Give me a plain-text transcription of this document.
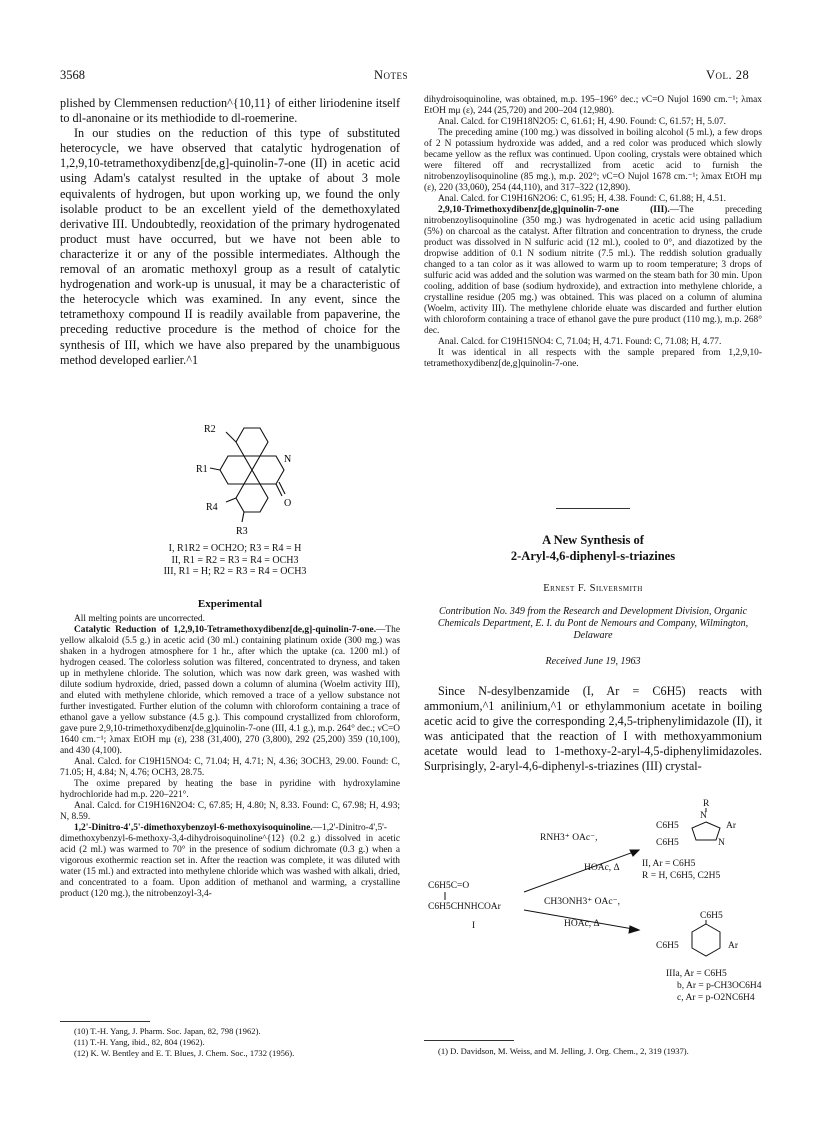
3568	Notes	Vol. 28

plished by Clemmensen reduction^{10,11} of either liriodenine itself to dl-anonaine or its methiodide to dl-roemerine.

In our studies on the reduction of this type of substituted heterocycle, we have observed that catalytic hydrogenation of 1,2,9,10-tetramethoxydibenz[de,g]-quinolin-7-one (II) in acetic acid using Adam's catalyst resulted in the uptake of about 3 mole equivalents of hydrogen, but upon working up, we found the only isolable product to be an excellent yield of the demethoxylated derivative III. Undoubtedly, reoxidation of the primary hydrogenated product must have occurred, but we have not been able to characterize it or any of the possible intermediates. Although the removal of an aromatic methoxyl group as a result of catalytic hydrogenation and work-up is unusual, it may be a characteristic of the heterocycle which was examined. In any event, since the tetramethoxy compound II is readily available from papaverine, the preceding reductive procedure is the method of choice for the synthesis of III, which we have also prepared by the unambiguous method developed earlier.^1

R2
R1
N
O
R4
R3
I, R1R2 = OCH2O; R3 = R4 = H
II, R1 = R2 = R3 = R4 = OCH3
III, R1 = H; R2 = R3 = R4 = OCH3
Experimental

All melting points are uncorrected.

Catalytic Reduction of 1,2,9,10-Tetramethoxydibenz[de,g]-quinolin-7-one.—The yellow alkaloid (5.5 g.) in acetic acid (30 ml.) containing platinum oxide (300 mg.) was shaken in a hydrogen atmosphere for 1 hr., after which the uptake (ca. 1200 ml.) of hydrogen ceased. The colorless solution was filtered, concentrated to dryness, and taken up in methylene chloride. The solution, which was now dark green, was washed with dilute sodium hydroxide, dried, passed down a column of alumina (Woelm activity III), and eluted with methylene chloride, which removed a trace of a yellow substance not further investigated. Further elution of the column with chloroform containing a trace of ethanol gave a yellow substance (4.5 g.). This compound crystallized from chloroform, gave pure 2,9,10-trimethoxydibenz[de,g]quinolin-7-one (III, 4.1 g.), m.p. 264° dec.; νC=O 1640 cm.⁻¹; λmax EtOH mμ (ε), 238 (31,400), 270 (3,800), 292 (25,200) 359 (10,100), and 430 (4,100).

Anal. Calcd. for C19H15NO4: C, 71.04; H, 4.71; N, 4.36; 3OCH3, 29.00. Found: C, 71.05; H, 4.84; N, 4.76; OCH3, 28.75.

The oxime prepared by heating the base in pyridine with hydroxylamine hydrochloride had m.p. 220–221°.

Anal. Calcd. for C19H16N2O4: C, 67.85; H, 4.80; N, 8.33. Found: C, 67.98; H, 4.93; N, 8.59.

1,2'-Dinitro-4',5'-dimethoxybenzoyl-6-methoxyisoquinoline.—1,2'-Dinitro-4',5'-dimethoxybenzyl-6-methoxy-3,4-dihydroisoquinoline^{12} (0.2 g.) dissolved in acetic acid (2 ml.) was warmed to 70° in the presence of sodium dichromate (0.3 g.) when a vigorous exothermic reaction set in. After the reaction was complete, it was diluted with water (15 ml.) and extracted into methylene chloride which was washed with alkali, dried, and concentrated to a foam. Upon addition of methanol and warming, a crystalline product (120 mg.), the nitrobenzoyl-3,4-

(10) T.-H. Yang, J. Pharm. Soc. Japan, 82, 798 (1962).

(11) T.-H. Yang, ibid., 82, 804 (1962).

(12) K. W. Bentley and E. T. Blues, J. Chem. Soc., 1732 (1956).

dihydroisoquinoline, was obtained, m.p. 195–196° dec.; νC=O Nujol 1690 cm.⁻¹; λmax EtOH mμ (ε), 244 (25,720) and 200–204 (12,980).

Anal. Calcd. for C19H18N2O5: C, 61.61; H, 4.90. Found: C, 61.57; H, 5.07.

The preceding amine (100 mg.) was dissolved in boiling alcohol (5 ml.), a few drops of 2 N potassium hydroxide was added, and a red color was produced which slowly became yellow as the reflux was continued. Upon cooling, crystals were obtained which were filtered off and recrystallized from acetic acid to furnish the nitrobenzoylisoquinoline (85 mg.), m.p. 202°; νC=O Nujol 1678 cm.⁻¹; λmax EtOH mμ (ε), 220 (33,060), 254 (44,110), and 317–322 (12,890).

Anal. Calcd. for C19H16N2O6: C, 61.95; H, 4.38. Found: C, 61.88; H, 4.51.

2,9,10-Trimethoxydibenz[de,g]quinolin-7-one (III).—The preceding nitrobenzoylisoquinoline (350 mg.) was hydrogenated in acetic acid using palladium (5%) on charcoal as the catalyst. After filtration and concentration to dryness, the crude product was dissolved in N sulfuric acid (12 ml.), cooled to 0°, and diazotized by the dropwise addition of 0.1 N sodium nitrite (7.5 ml.). The reddish solution gradually changed to a tan color as it was allowed to warm up to room temperature; 3 drops of sulfuric acid was added and the solution was warmed on the steam bath for 30 min. Upon cooling, addition of base (sodium hydroxide), and extraction into methylene chloride, a crystalline residue (205 mg.) was obtained. This was placed on a column of alumina (Woelm, activity III). The methylene chloride eluate was discarded and further elution with chloroform containing a trace of ethanol gave the pure product (110 mg.), m.p. 268° dec.

Anal. Calcd. for C19H15NO4: C, 71.04; H, 4.71. Found: C, 71.08; H, 4.77.

It was identical in all respects with the sample prepared from 1,2,9,10-tetramethoxydibenz[de,g]quinolin-7-one.

A New Synthesis of
2-Aryl-4,6-diphenyl-s-triazines
Ernest F. Silversmith
Contribution No. 349 from the Research and Development Division, Organic Chemicals Department, E. I. du Pont de Nemours and Company, Wilmington, Delaware
Received June 19, 1963
Since N-desylbenzamide (I, Ar = C6H5) reacts with ammonium,^1 anilinium,^1 or ethylammonium acetate in boiling acetic acid to give the corresponding 2,4,5-triphenylimidazole (II), it was anticipated that the reaction of I with methoxyammonium acetate would lead to 1-methoxy-2-aryl-4,5-diphenylimidazoles. Surprisingly, 2-aryl-4,6-diphenyl-s-triazines (III) crystal-
R
N
C6H5	Ar
C6H5	N
RNH3⁺ OAc⁻,
HOAc, Δ II, Ar = C6H5
R = H, C6H5, C2H5
C6H5C=O
C6H5CHNHCOAr
I
CH3ONH3⁺ OAc⁻,
HOAc, Δ
C6H5
C6H5	Ar
IIIa, Ar = C6H5
b, Ar = p-CH3OC6H4
c, Ar = p-O2NC6H4

(1) D. Davidson, M. Weiss, and M. Jelling, J. Org. Chem., 2, 319 (1937).
